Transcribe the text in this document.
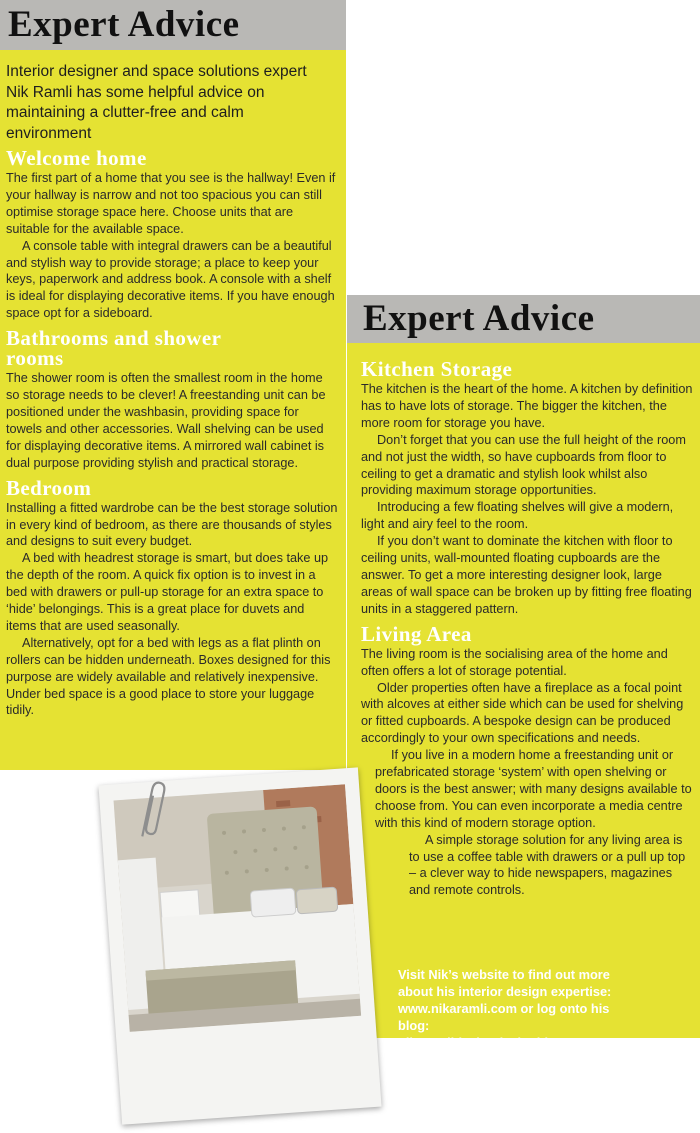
Expert Advice
Interior designer and space solutions expert Nik Ramli has some helpful advice on maintaining a clutter-free and calm environment
Welcome home

The first part of a home that you see is the hallway! Even if your hallway is narrow and not too spacious you can still optimise storage space here. Choose units that are suitable for the available space.

A console table with integral drawers can be a beautiful and stylish way to provide storage; a place to keep your keys, paperwork and address book. A console with a shelf is ideal for displaying decorative items. If you have enough space opt for a sideboard.

Bathrooms and shower rooms

The shower room is often the smallest room in the home so storage needs to be clever! A freestanding unit can be positioned under the washbasin, providing space for towels and other accessories. Wall shelving can be used for displaying decorative items. A mirrored wall cabinet is dual purpose providing stylish and practical storage.

Bedroom

Installing a fitted wardrobe can be the best storage solution in every kind of bedroom, as there are thousands of styles and designs to suit every budget.

A bed with headrest storage is smart, but does take up the depth of the room. A quick fix option is to invest in a bed with drawers or pull-up storage for an extra space to ‘hide’ belongings. This is a great place for duvets and items that are used seasonally.

Alternatively, opt for a bed with legs as a flat plinth on rollers can be hidden underneath. Boxes designed for this purpose are widely available and relatively inexpensive. Under bed space is a good place to store your luggage tidily.

Expert Advice
Kitchen Storage

The kitchen is the heart of the home. A kitchen by definition has to have lots of storage. The bigger the kitchen, the more room for storage you have.

Don’t forget that you can use the full height of the room and not just the width, so have cupboards from floor to ceiling to get a dramatic and stylish look whilst also providing maximum storage opportunities.

Introducing a few floating shelves will give a modern, light and airy feel to the room.

If you don’t want to dominate the kitchen with floor to ceiling units, wall-mounted floating cupboards are the answer. To get a more interesting designer look, large areas of wall space can be broken up by fitting free floating units in a staggered pattern.

Living Area

The living room is the socialising area of the home and often offers a lot of storage potential.

Older properties often have a fireplace as a focal point with alcoves at either side which can be used for shelving or fitted cupboards. A bespoke design can be produced accordingly to your own specifications and needs.

If you live in a modern home a freestanding unit or prefabricated storage ‘system’ with open shelving or doors is the best answer; with many designs available to choose from. You can even incorporate a media centre with this kind of modern storage option.

A simple storage solution for any living area is to use a coffee table with drawers or a pull up top – a clever way to hide newspapers, magazines and remote controls.

Visit Nik’s website to find out more about his interior design expertise: www.nikaramli.com or log onto his blog: nikaramlidesigndesire.blogspot.com.
